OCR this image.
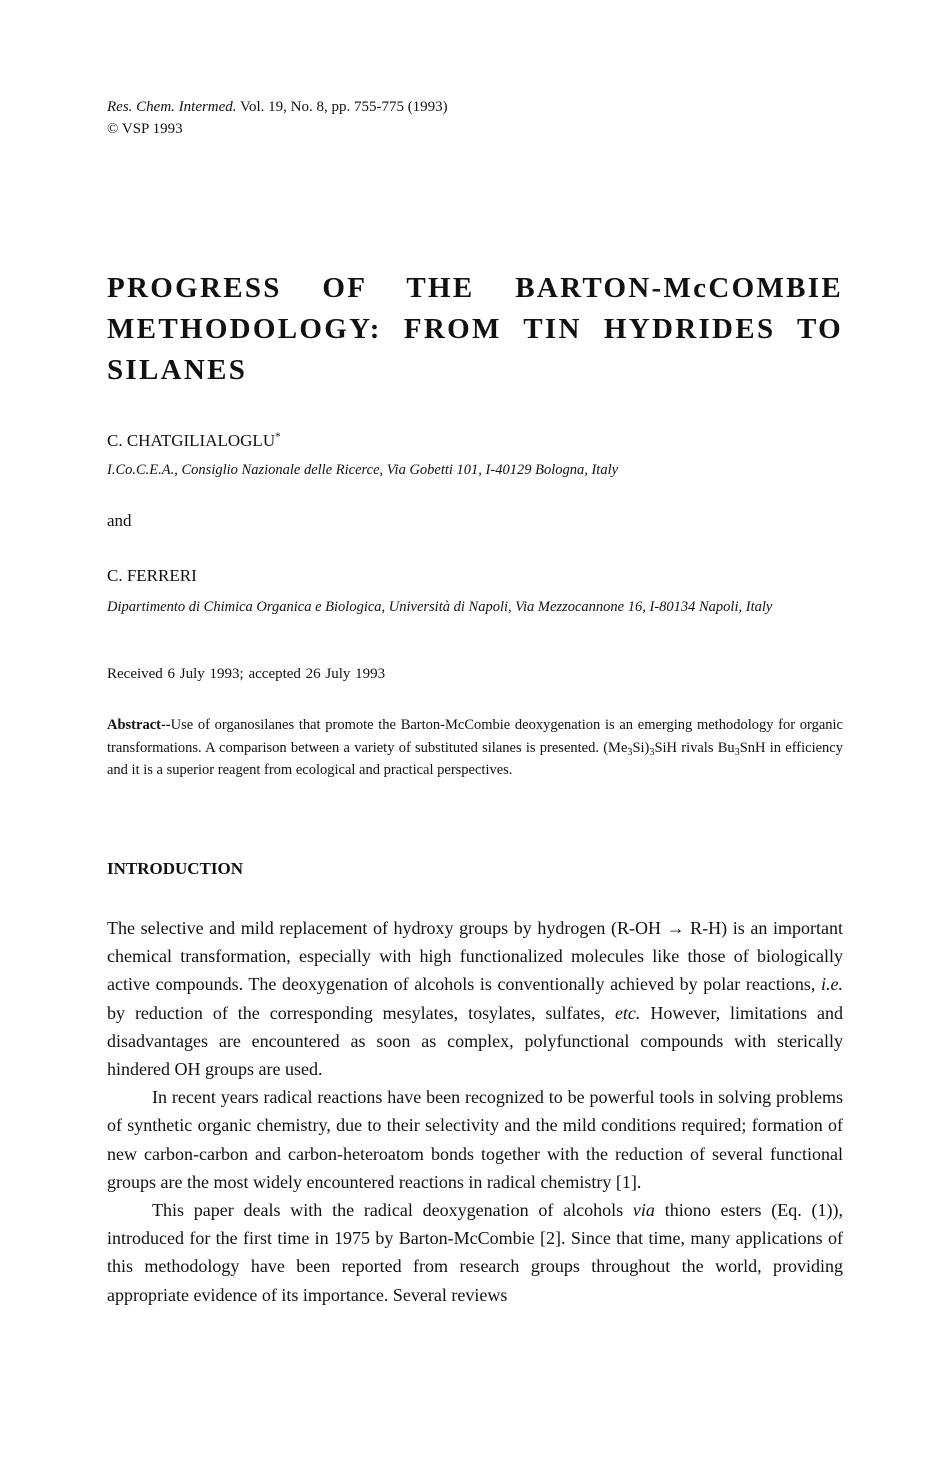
Res. Chem. Intermed. Vol. 19, No. 8, pp. 755-775 (1993)
© VSP 1993
PROGRESS OF THE BARTON-McCOMBIE METHODOLOGY: FROM TIN HYDRIDES TO SILANES
C. CHATGILIALOGLU*
I.Co.C.E.A., Consiglio Nazionale delle Ricerce, Via Gobetti 101, I-40129 Bologna, Italy
and
C. FERRERI
Dipartimento di Chimica Organica e Biologica, Università di Napoli, Via Mezzocannone 16, I-80134 Napoli, Italy
Received 6 July 1993; accepted 26 July 1993
Abstract--Use of organosilanes that promote the Barton-McCombie deoxygenation is an emerging methodology for organic transformations. A comparison between a variety of substituted silanes is presented. $(Me_3Si)_3SiH$ rivals $Bu_3SnH$ in efficiency and it is a superior reagent from ecological and practical perspectives.
INTRODUCTION

The selective and mild replacement of hydroxy groups by hydrogen (R-OH → R-H) is an important chemical transformation, especially with high functionalized molecules like those of biologically active compounds. The deoxygenation of alcohols is conventionally achieved by polar reactions, i.e. by reduction of the corresponding mesylates, tosylates, sulfates, etc. However, limitations and disadvantages are encountered as soon as complex, polyfunctional compounds with sterically hindered OH groups are used.

In recent years radical reactions have been recognized to be powerful tools in solving problems of synthetic organic chemistry, due to their selectivity and the mild conditions required; formation of new carbon-carbon and carbon-heteroatom bonds together with the reduction of several functional groups are the most widely encountered reactions in radical chemistry [1].

This paper deals with the radical deoxygenation of alcohols via thiono esters (Eq. (1)), introduced for the first time in 1975 by Barton-McCombie [2]. Since that time, many applications of this methodology have been reported from research groups throughout the world, providing appropriate evidence of its importance. Several reviews
